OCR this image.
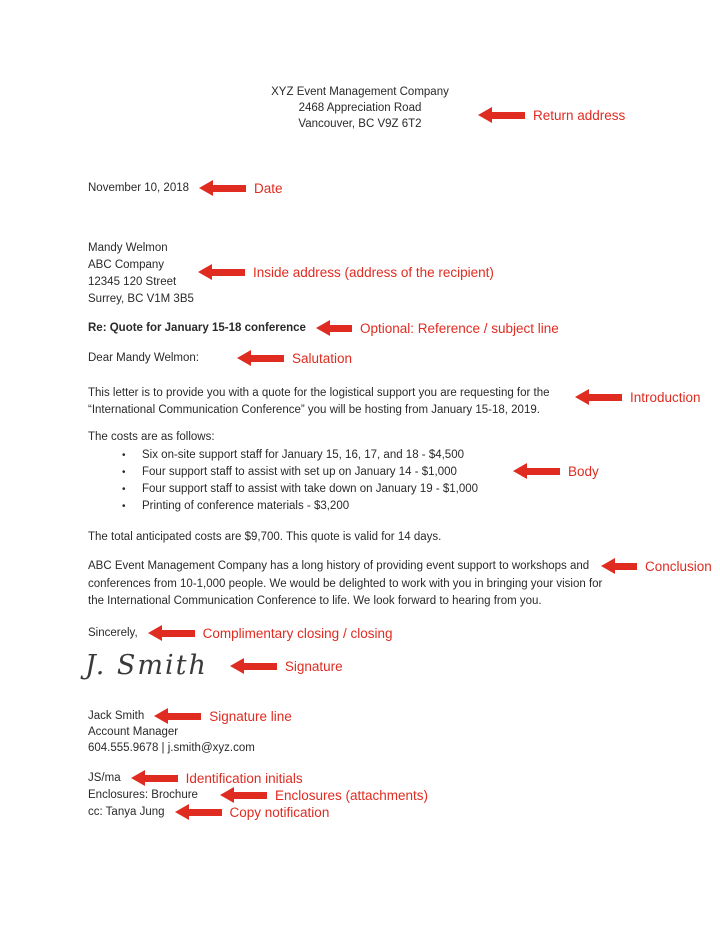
XYZ Event Management Company
2468 Appreciation Road
Vancouver, BC V9Z 6T2
Return address
November 10, 2018	Date
Mandy Welmon
ABC Company
12345 120 Street
Surrey, BC V1M 3B5
Inside address (address of the recipient)
Re: Quote for January 15-18 conference	Optional: Reference / subject line
Dear Mandy Welmon:	Salutation
This letter is to provide you with a quote for the logistical support you are requesting for the
“International Communication Conference” you will be hosting from January 15-18, 2019.
Introduction
The costs are as follows:
•
Six on-site support staff for January 15, 16, 17, and 18 - $4,500
•
Four support staff to assist with set up on January 14 - $1,000
•
Four support staff to assist with take down on January 19 - $1,000
•
Printing of conference materials - $3,200
Body
The total anticipated costs are $9,700. This quote is valid for 14 days.
ABC Event Management Company has a long history of providing event support to workshops and
conferences from 10-1,000 people. We would be delighted to work with you in bringing your vision for
the International Communication Conference to life. We look forward to hearing from you.
Conclusion
Sincerely,	Complimentary closing / closing
J. Smith	Signature
Jack Smith	Signature line
Account Manager
604.555.9678 | j.smith@xyz.com
JS/ma	Identification initials
Enclosures: Brochure	Enclosures (attachments)
cc: Tanya Jung	Copy notification
